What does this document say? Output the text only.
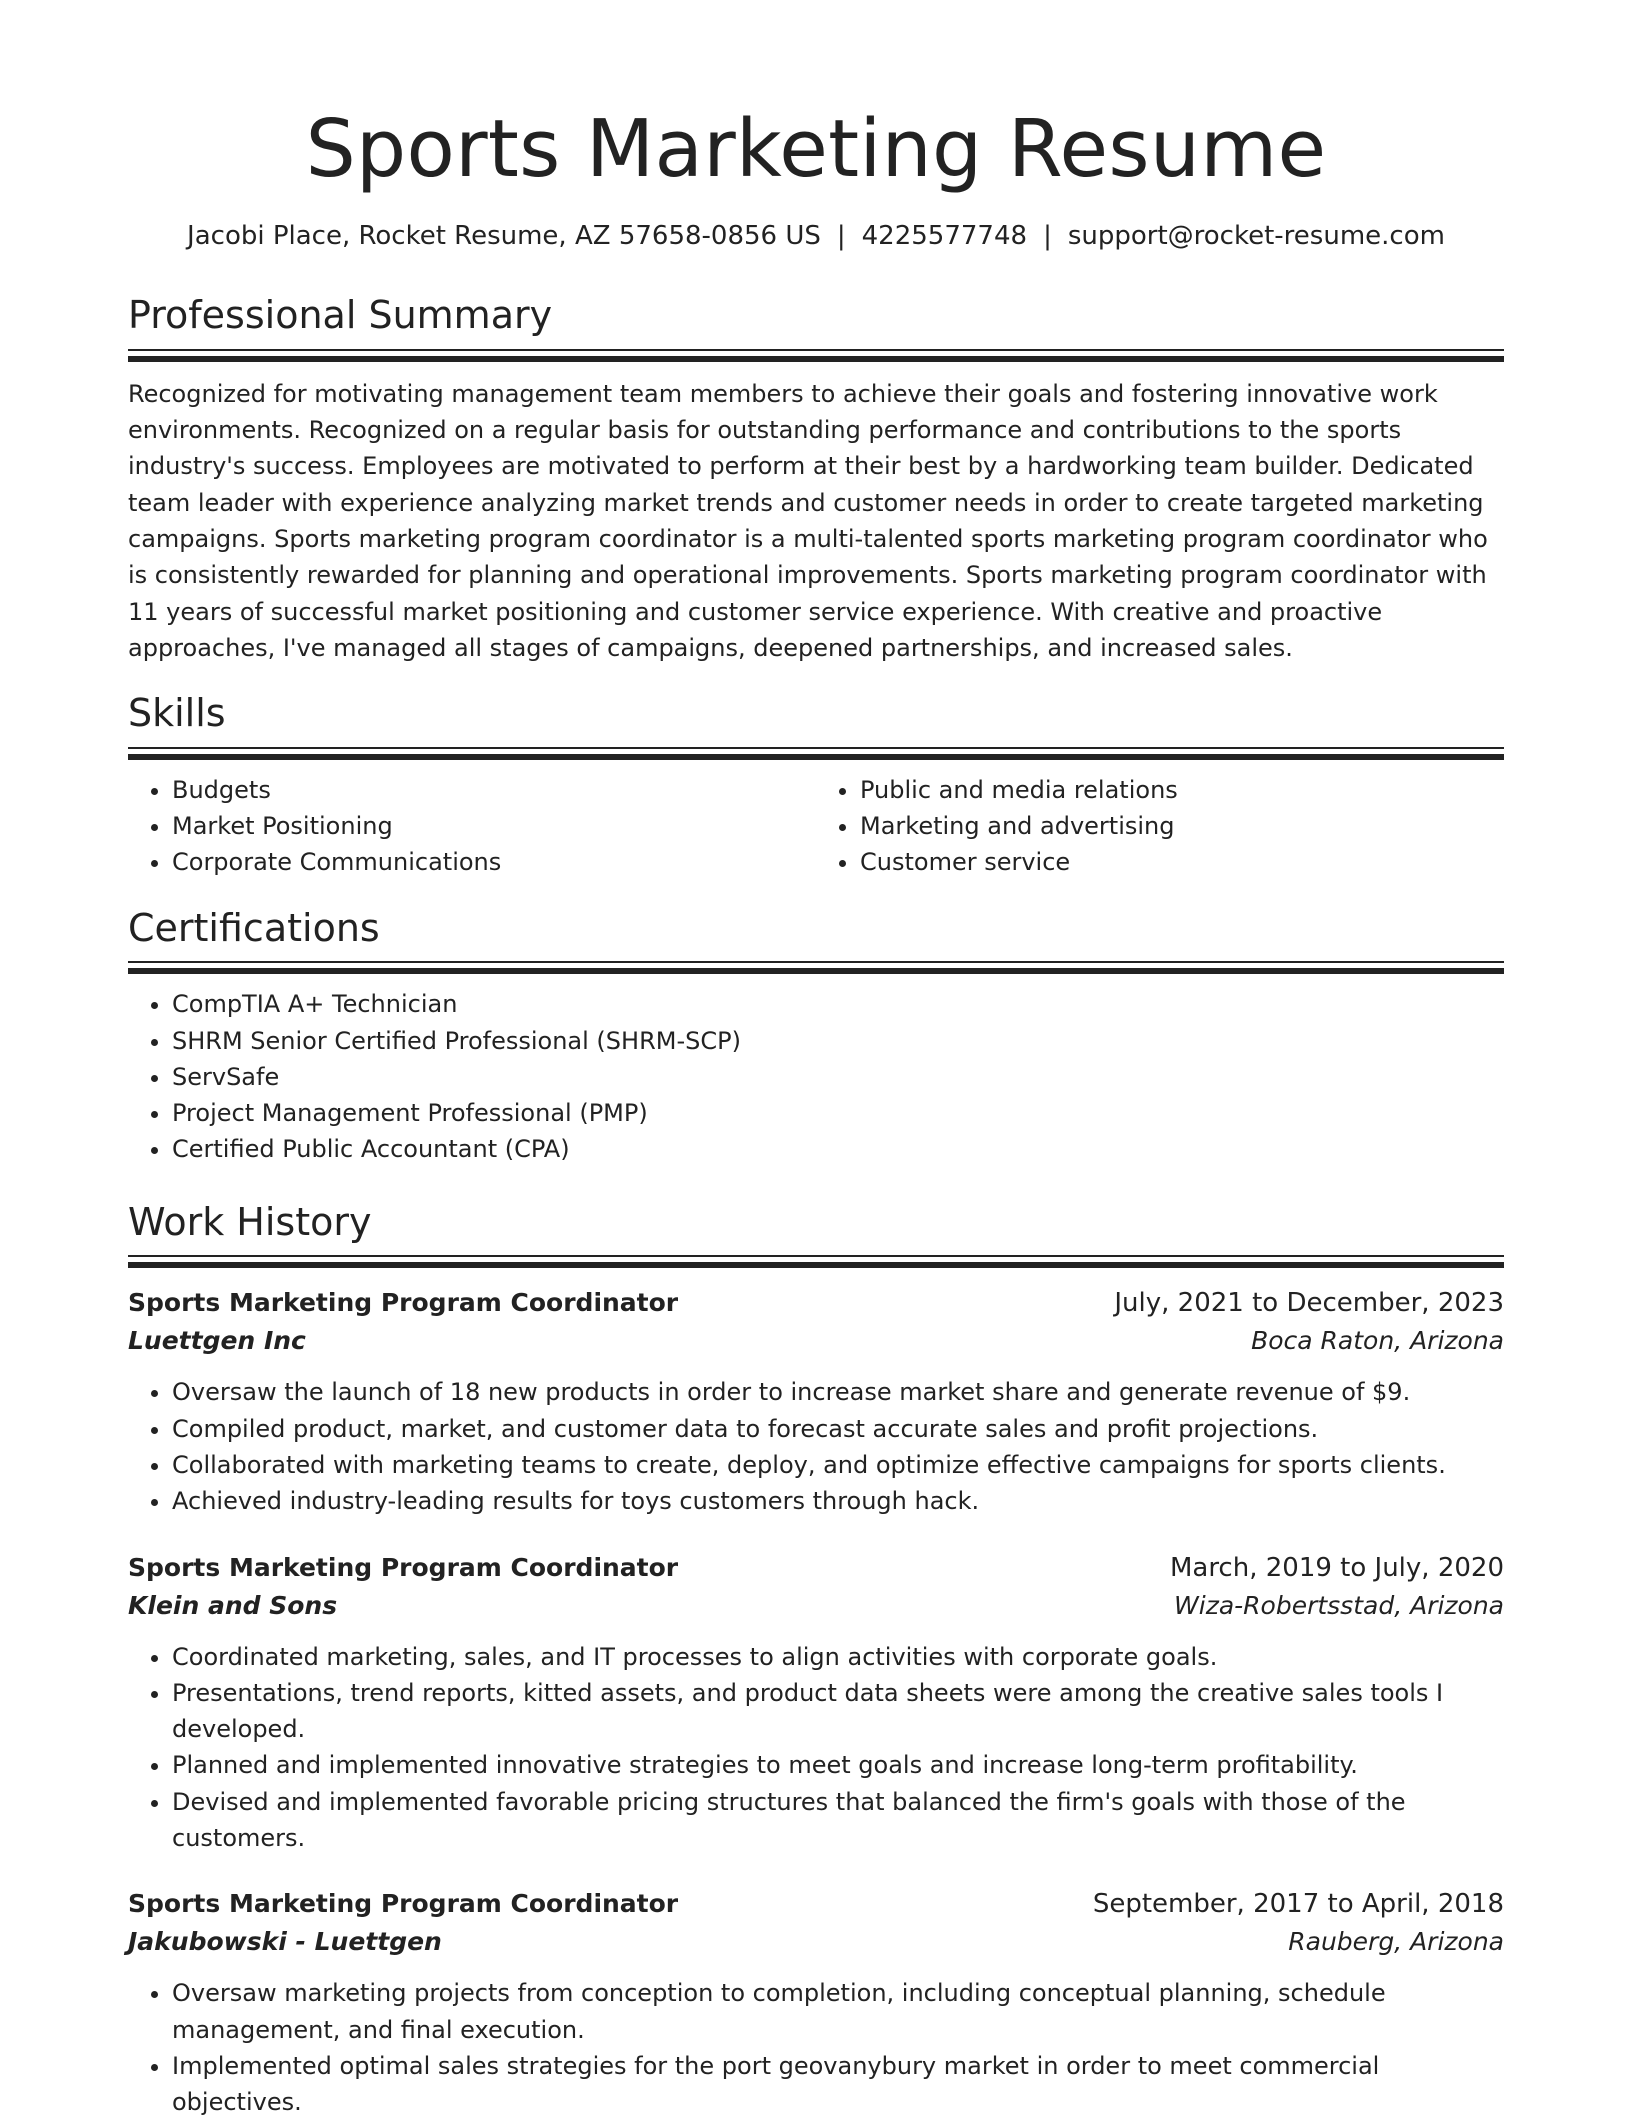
Sports Marketing Resume
Jacobi Place, Rocket Resume, AZ 57658-0856 US | 4225577748 | support@rocket-resume.com
Professional Summary

Recognized for motivating management team members to achieve their goals and fostering innovative work environments. Recognized on a regular basis for outstanding performance and contributions to the sports industry's success. Employees are motivated to perform at their best by a hardworking team builder. Dedicated team leader with experience analyzing market trends and customer needs in order to create targeted marketing campaigns. Sports marketing program coordinator is a multi-talented sports marketing program coordinator who is consistently rewarded for planning and operational improvements. Sports marketing program coordinator with 11 years of successful market positioning and customer service experience. With creative and proactive approaches, I've managed all stages of campaigns, deepened partnerships, and increased sales.

Skills
• Budgets
• Market Positioning
• Corporate Communications
• Public and media relations
• Marketing and advertising
• Customer service
Certifications
• CompTIA A+ Technician
• SHRM Senior Certified Professional (SHRM-SCP)
• ServSafe
• Project Management Professional (PMP)
• Certified Public Accountant (CPA)
Work History
Sports Marketing Program Coordinator	July, 2021 to December, 2023
Luettgen Inc	Boca Raton, Arizona
• Oversaw the launch of 18 new products in order to increase market share and generate revenue of $9.
• Compiled product, market, and customer data to forecast accurate sales and profit projections.
• Collaborated with marketing teams to create, deploy, and optimize effective campaigns for sports clients.
• Achieved industry-leading results for toys customers through hack.
Sports Marketing Program Coordinator	March, 2019 to July, 2020
Klein and Sons	Wiza-Robertsstad, Arizona
• Coordinated marketing, sales, and IT processes to align activities with corporate goals.
• Presentations, trend reports, kitted assets, and product data sheets were among the creative sales tools I developed.
• Planned and implemented innovative strategies to meet goals and increase long-term profitability.
• Devised and implemented favorable pricing structures that balanced the firm's goals with those of the customers.
Sports Marketing Program Coordinator	September, 2017 to April, 2018
Jakubowski - Luettgen	Rauberg, Arizona
• Oversaw marketing projects from conception to completion, including conceptual planning, schedule management, and final execution.
• Implemented optimal sales strategies for the port geovanybury market in order to meet commercial objectives.
